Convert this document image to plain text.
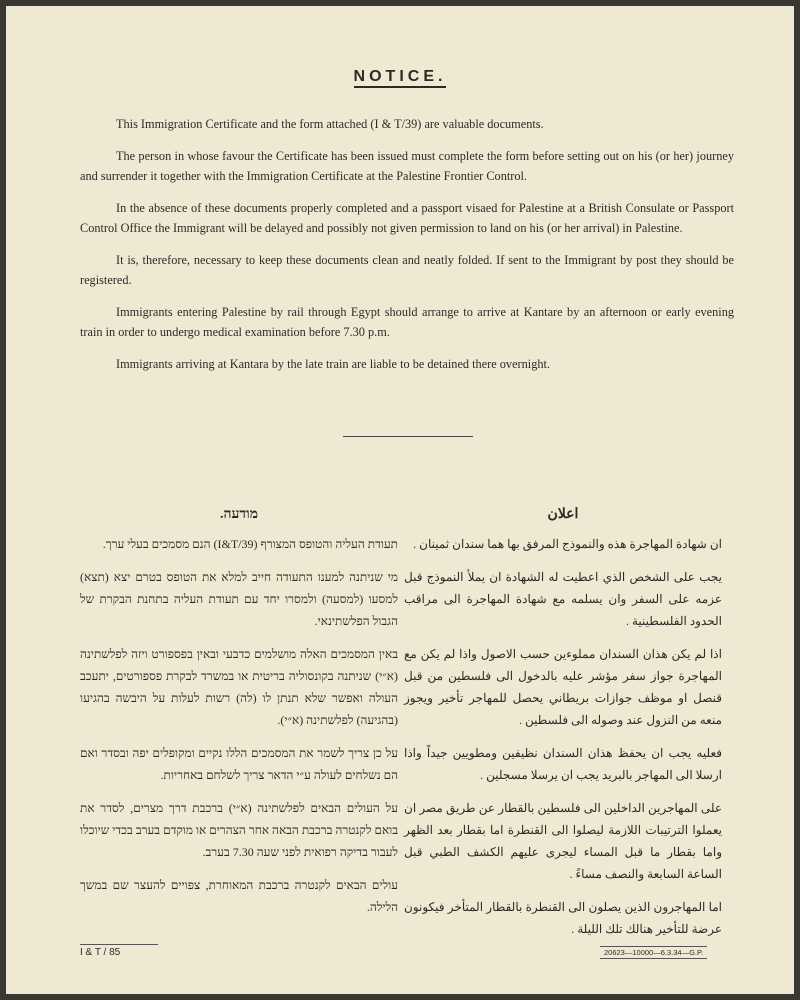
NOTICE.

This Immigration Certificate and the form attached (I & T/39) are valuable documents.

The person in whose favour the Certificate has been issued must complete the form before setting out on his (or her) journey and surrender it together with the Immigration Certificate at the Palestine Frontier Control.

In the absence of these documents properly completed and a passport visaed for Palestine at a British Consulate or Passport Control Office the Immigrant will be delayed and possibly not given permission to land on his (or her arrival) in Palestine.

It is, therefore, necessary to keep these documents clean and neatly folded. If sent to the Immigrant by post they should be registered.

Immigrants entering Palestine by rail through Egypt should arrange to arrive at Kantare by an afternoon or early evening train in order to undergo medical examination before 7.30 p.m.

Immigrants arriving at Kantara by the late train are liable to be detained there overnight.

מודעה.

תעודת העליה והטופס המצורף (I&T/39) הנם מסמכים בעלי ערך.

מי שניתנה למענו התעודה חייב למלא את הטופס בטרם יצא (תצא) למסעו (למסעה) ולמסרו יחד עם תעודת העליה בתחנת הבקרת של הגבול הפלשתינאי.

באין המסמכים האלה מושלמים כדבעי ובאין בפספורט ויזה לפלשתינה (א״י) שניתנה בקונסוליה בריטית או במשרד לבקרת פספורטים, יתעכב העולה ואפשר שלא תנתן לו (לה) רשות לעלות על היבשה בהגיעו (בהגיעה) לפלשתינה (א״י).

על כן צריך לשמר את המסמכים הללו נקיים ומקופלים יפה ובסדר ואם הם נשלחים לעולה ע״י הדאר צריך לשלחם באחריות.

על העולים הבאים לפלשתינה (א״י) ברכבת דרך מצרים, לסדר את בואם לקנטרה ברכבת הבאה אחר הצהרים או מוקדם בערב בכדי שיוכלו לעבור בדיקה רפואית לפני שעה 7.30 בערב.

עולים הבאים לקנטרה ברכבת המאוחרת, צפויים להעצר שם במשך הלילה.

اعلان

ان شهادة المهاجرة هذه والنموذج المرفق بها هما سندان ثمينان .

يجب على الشخص الذي اعطيت له الشهادة ان يملأ النموذج قبل عزمه على السفر وان يسلمه مع شهادة المهاجرة الى مراقب الحدود الفلسطينية .

اذا لم يكن هذان السندان مملوءين حسب الاصول واذا لم يكن مع المهاجرة جواز سفر مؤشر عليه بالدخول الى فلسطين من قبل قنصل او موظف جوازات بريطاني يحصل للمهاجر تأخير ويجوز منعه من النزول عند وصوله الى فلسطين .

فعليه يجب ان يحفظ هذان السندان نظيفين ومطويين جيداً واذا ارسلا الى المهاجر بالبريد يجب ان يرسلا مسجلين .

على المهاجرين الداخلين الى فلسطين بالقطار عن طريق مصر ان يعملوا الترتيبات اللازمة ليصلوا الى القنطرة اما بقطار بعد الظهر واما بقطار ما قبل المساء ليجرى عليهم الكشف الطبي قبل الساعة السابعة والنصف مساءً .

اما المهاجرون الذين يصلون الى القنطرة بالقطار المتأخر فيكونون عرضة للتأخير هنالك تلك الليلة .

I & T / 85	20623—10000—6.3.34—G.P.
